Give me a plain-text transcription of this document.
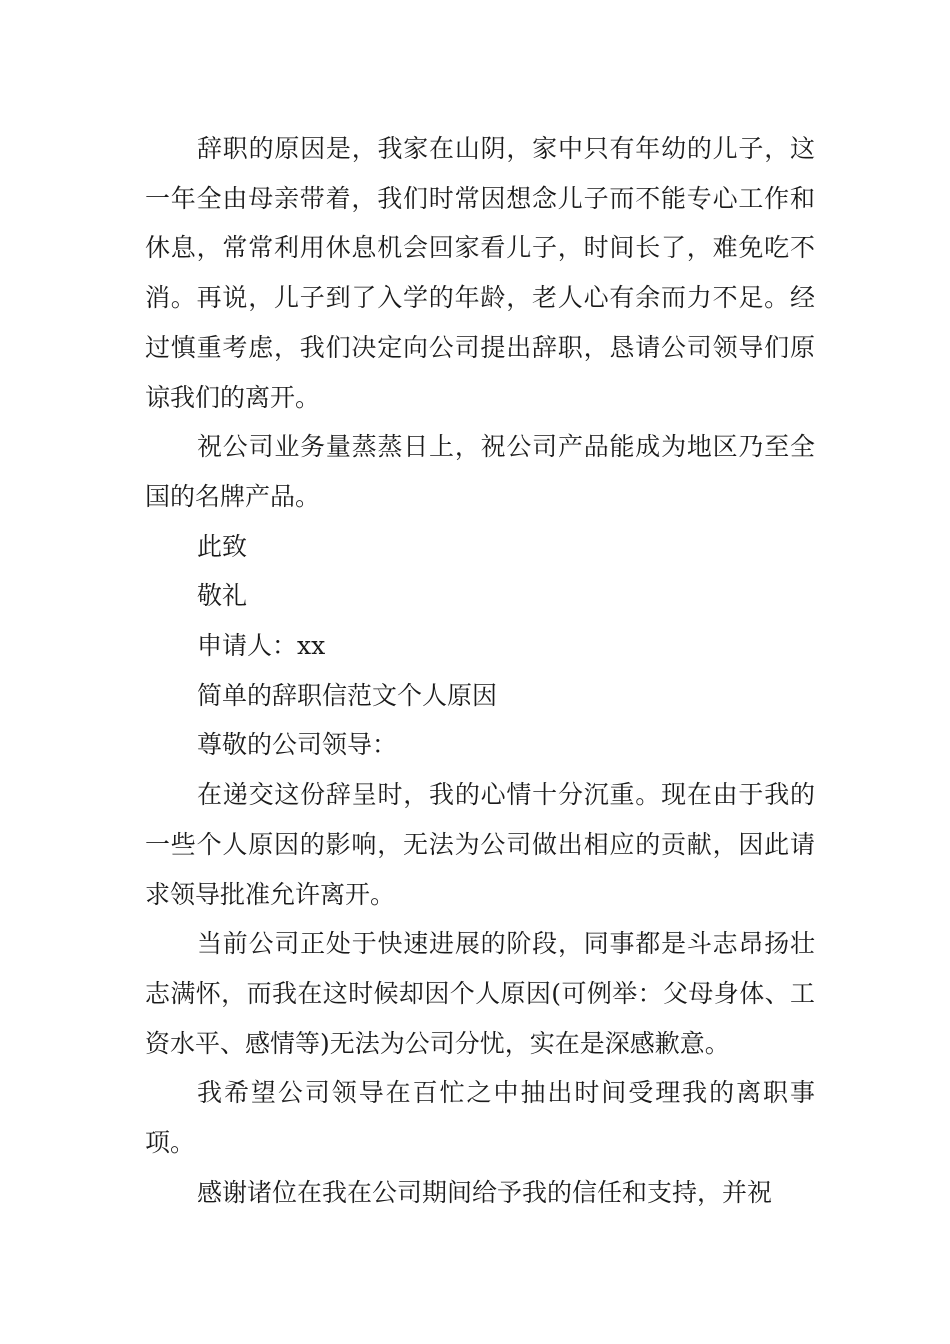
辞职的原因是，我家在山阴，家中只有年幼的儿子，这一年全由母亲带着，我们时常因想念儿子而不能专心工作和休息，常常利用休息机会回家看儿子，时间长了，难免吃不消。再说，儿子到了入学的年龄，老人心有余而力不足。经过慎重考虑，我们决定向公司提出辞职，恳请公司领导们原谅我们的离开。

祝公司业务量蒸蒸日上，祝公司产品能成为地区乃至全国的名牌产品。

此致

敬礼

申请人：xx

简单的辞职信范文个人原因

尊敬的公司领导：

在递交这份辞呈时，我的心情十分沉重。现在由于我的一些个人原因的影响，无法为公司做出相应的贡献，因此请求领导批准允许离开。

当前公司正处于快速进展的阶段，同事都是斗志昂扬壮志满怀，而我在这时候却因个人原因(可例举：父母身体、工资水平、感情等)无法为公司分忧，实在是深感歉意。

我希望公司领导在百忙之中抽出时间受理我的离职事项。

感谢诸位在我在公司期间给予我的信任和支持，并祝
